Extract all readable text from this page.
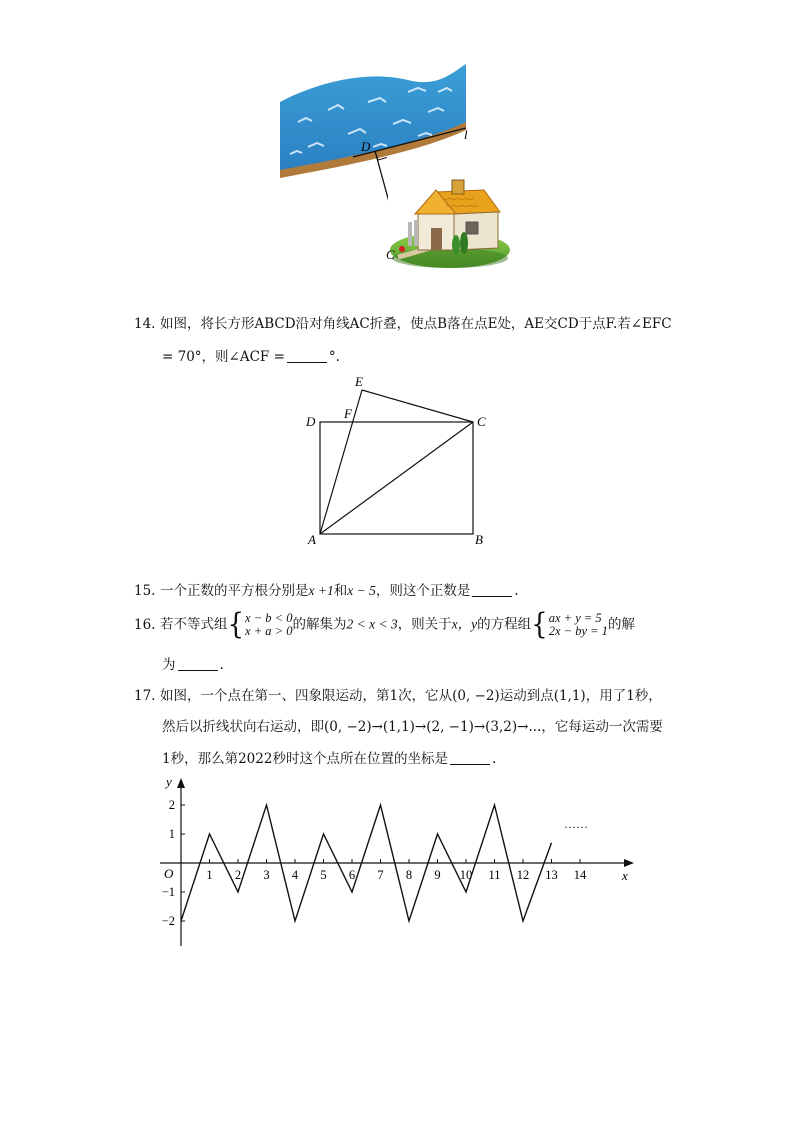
l
D
C
14. 如图，将长方形ABCD沿对角线AC折叠，使点B落在点E处，AE交CD于点F.若∠EFC
= 70°，则∠ACF =	°.
E
F
D	C
A	B
15. 一个正数的平方根分别是x +1和x − 5，则这个正数是	.
16. 若不等式组{ x − b < 0
x + a > 0 的解集为2 < x < 3，则关于x，y的方程组{ ax + y = 5
2x − by = 1 的解
为	.
17. 如图，一个点在第一、四象限运动，第1次，它从(0, −2)运动到点(1,1)，用了1秒，
然后以折线状向右运动，即(0, −2)→(1,1)→(2, −1)→(3,2)→...，它每运动一次需要
1秒，那么第2022秒时这个点所在位置的坐标是	.
x
y
O	1 2 3 4 5 6 7 8 9 10 11 12 13 14
2
1
−1
−2
……
